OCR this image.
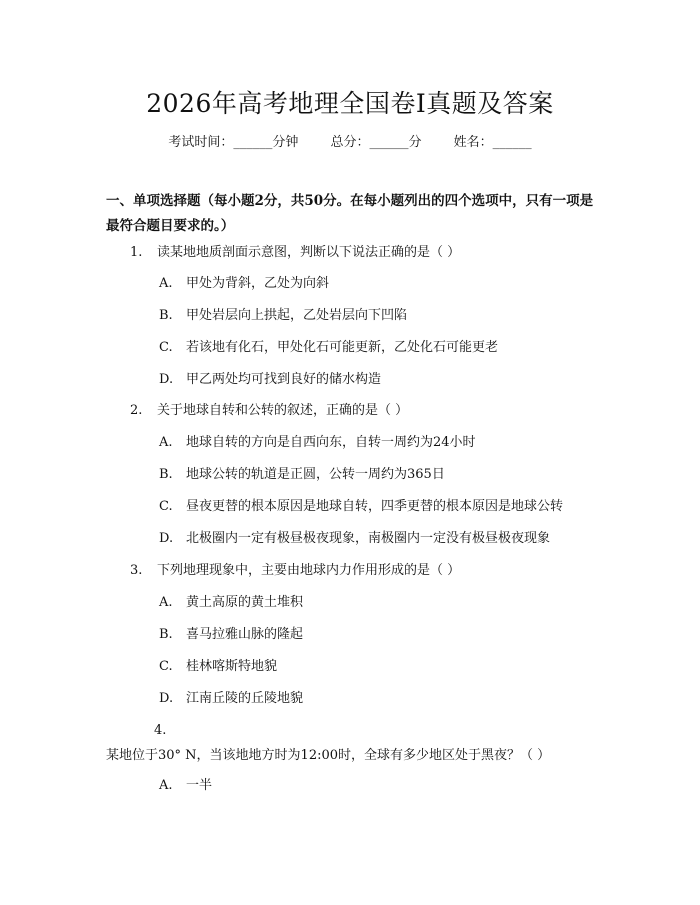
2026年高考地理全国卷Ⅰ真题及答案
考试时间：______分钟 总分：______分 姓名：______
一、单项选择题（每小题2分，共50分。在每小题列出的四个选项中，只有一项是最符合题目要求的。）
1. 读某地地质剖面示意图，判断以下说法正确的是（ ）
A. 甲处为背斜，乙处为向斜
B. 甲处岩层向上拱起，乙处岩层向下凹陷
C. 若该地有化石，甲处化石可能更新，乙处化石可能更老
D. 甲乙两处均可找到良好的储水构造
2. 关于地球自转和公转的叙述，正确的是（ ）
A. 地球自转的方向是自西向东，自转一周约为24小时
B. 地球公转的轨道是正圆，公转一周约为365日
C. 昼夜更替的根本原因是地球自转，四季更替的根本原因是地球公转
D. 北极圈内一定有极昼极夜现象，南极圈内一定没有极昼极夜现象
3. 下列地理现象中，主要由地球内力作用形成的是（ ）
A. 黄土高原的黄土堆积
B. 喜马拉雅山脉的隆起
C. 桂林喀斯特地貌
D. 江南丘陵的丘陵地貌
4.某地位于30° N，当该地地方时为12:00时，全球有多少地区处于黑夜？（ ）
A. 一半
